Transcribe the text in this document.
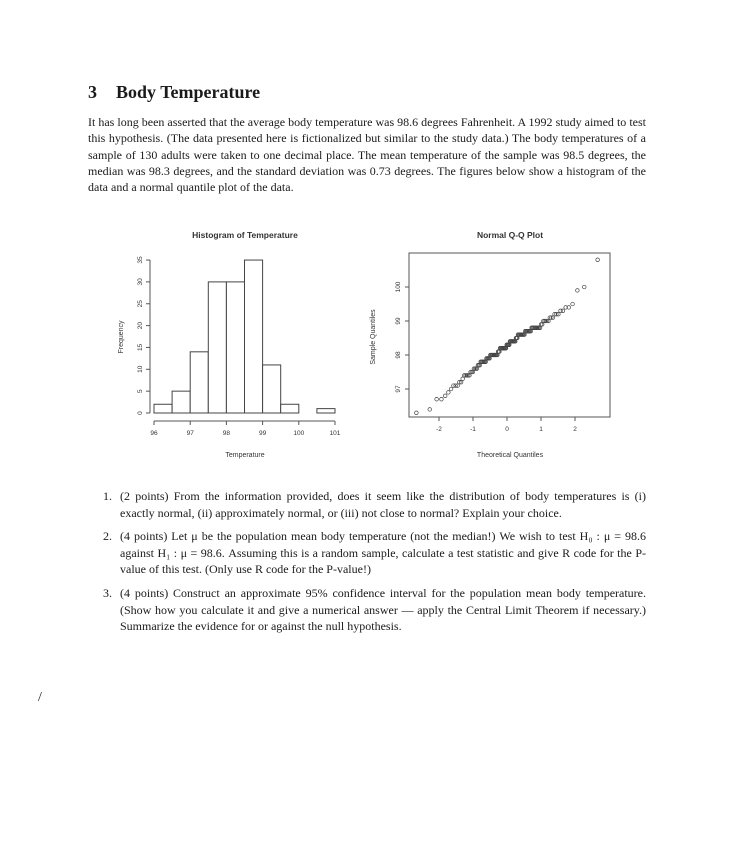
3 Body Temperature
It has long been asserted that the average body temperature was 98.6 degrees Fahrenheit. A 1992 study aimed to test this hypothesis. (The data presented here is fictionalized but similar to the study data.) The body temperatures of a sample of 130 adults were taken to one decimal place. The mean temperature of the sample was 98.5 degrees, the median was 98.3 degrees, and the standard deviation was 0.73 degrees. The figures below show a histogram of the data and a normal quantile plot of the data.
Histogram of Temperature
Temperature
Frequency
0
5
10
15
20
25
30
35
96	97	98	99	100	101
Normal Q-Q Plot
Theoretical Quantiles
Sample Quantiles
-2	-1	0	1	2
97
98
99
100
1. (2 points) From the information provided, does it seem like the distribution of body temperatures is (i) exactly normal, (ii) approximately normal, or (iii) not close to normal? Explain your choice.
2. (4 points) Let μ be the population mean body temperature (not the median!) We wish to test H₀ : μ = 98.6 against H₁ : μ = 98.6. Assuming this is a random sample, calculate a test statistic and give R code for the P-value of this test. (Only use R code for the P-value!)
3. (4 points) Construct an approximate 95% confidence interval for the population mean body temperature. (Show how you calculate it and give a numerical answer — apply the Central Limit Theorem if necessary.) Summarize the evidence for or against the null hypothesis.
/
